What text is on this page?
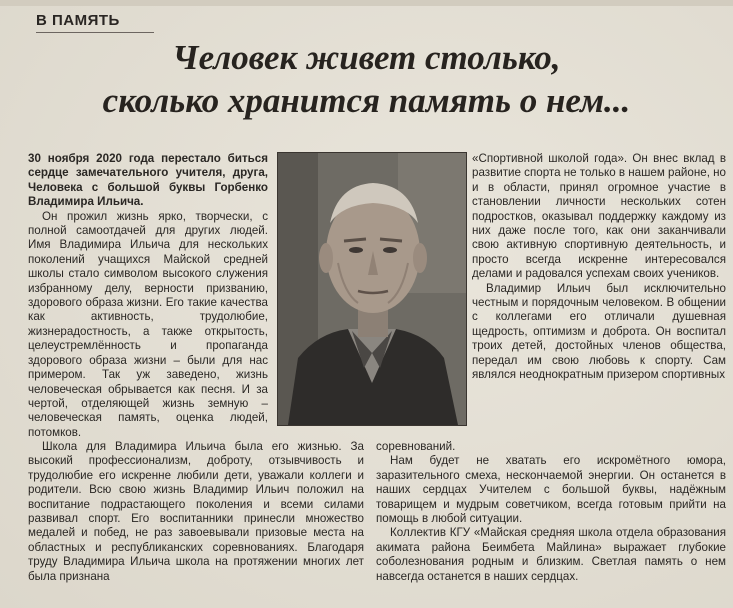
В ПАМЯТЬ
Человек живет столько,
сколько хранится память о нем...

30 ноября 2020 года перестало биться сердце замечательного учителя, друга, Человека с большой буквы Горбенко Владимира Ильича.

Он прожил жизнь ярко, творчески, с полной самоотдачей для других людей. Имя Владимира Ильича для нескольких поколений учащихся Майской средней школы стало символом высокого служения избранному делу, верности призванию, здорового образа жизни. Его такие качества как активность, трудолюбие, жизнерадостность, а также открытость, целеустремлённость и пропаганда здорового образа жизни – были для нас примером. Так уж заведено, жизнь человеческая обрывается как песня. И за чертой, отделяющей жизнь земную – человеческая память, оценка людей, потомков.

Школа для Владимира Ильича была его жизнью. За высокий профессионализм, доброту, отзывчивость и трудолюбие его искренне любили дети, уважали коллеги и родители. Всю свою жизнь Владимир Ильич положил на воспитание подрастающего поколения и всеми силами развивал спорт. Его воспитанники принесли множество медалей и побед, не раз завоевывали призовые места на областных и республиканских соревнованиях. Благодаря труду Владимира Ильича школа на протяжении многих лет была признана

«Спортивной школой года». Он внес вклад в развитие спорта не только в нашем районе, но и в области, принял огромное участие в становлении личности нескольких сотен подростков, оказывал поддержку каждому из них даже после того, как они заканчивали свою активную спортивную деятельность, и просто всегда искренне интересовался делами и радовался успехам своих учеников.

Владимир Ильич был исключительно честным и порядочным человеком. В общении с коллегами его отличали душевная щедрость, оптимизм и доброта. Он воспитал троих детей, достойных членов общества, передал им свою любовь к спорту. Сам являлся неоднократным призером спортивных

соревнований.

Нам будет не хватать его искромётного юмора, заразительного смеха, нескончаемой энергии. Он останется в наших сердцах Учителем с большой буквы, надёжным товарищем и мудрым советчиком, всегда готовым прийти на помощь в любой ситуации.

Коллектив КГУ «Майская средняя школа отдела образования акимата района Беимбета Майлина» выражает глубокие соболезнования родным и близким. Светлая память о нем навсегда останется в наших сердцах.
